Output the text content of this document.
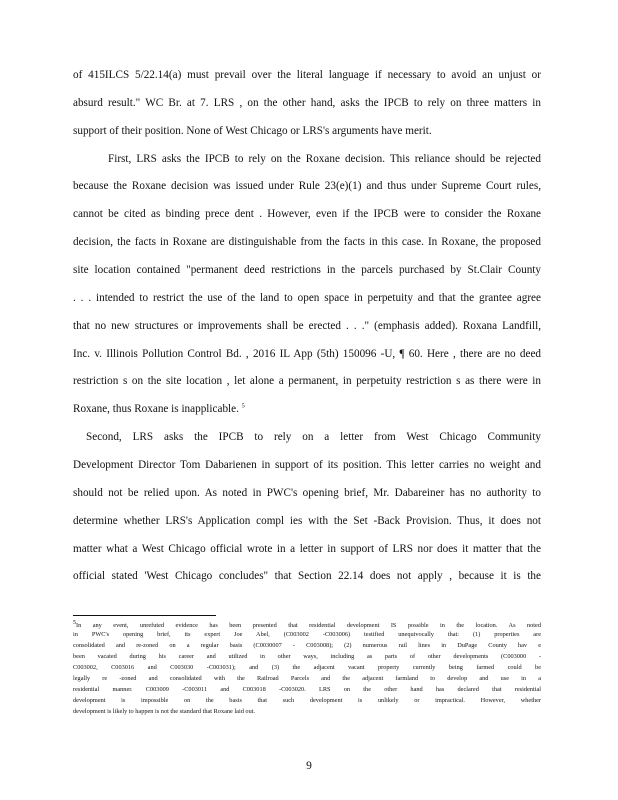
of 415ILCS 5/22.14(a) must prevail over the literal language if necessary to avoid an unjust or
absurd result." WC Br. at 7. LRS , on the other hand, asks the IPCB to rely on three matters in
support of their position. None of West Chicago or LRS's arguments have merit.
First, LRS asks the IPCB to rely on the Roxane decision. This reliance should be rejected
because the Roxane decision was issued under Rule 23(e)(1) and thus under Supreme Court rules,
cannot be cited as binding prece dent . However, even if the IPCB were to consider the Roxane
decision, the facts in Roxane are distinguishable from the facts in this case. In Roxane, the proposed
site location contained "permanent deed restrictions in the parcels purchased by St.Clair County
. . . intended to restrict the use of the land to open space in perpetuity and that the grantee agree
that no new structures or improvements shall be erected . . ." (emphasis added). Roxana Landfill,
Inc. v. Illinois Pollution Control Bd. , 2016 IL App (5th) 150096 -U, ¶ 60. Here , there are no deed
restriction s on the site location , let alone a permanent, in perpetuity restriction s as there were in
Roxane, thus Roxane is inapplicable. $^5$
Second, LRS asks the IPCB to rely on a letter from West Chicago Community
Development Director Tom Dabarienen in support of its position. This letter carries no weight and
should not be relied upon. As noted in PWC's opening brief, Mr. Dabareiner has no authority to
determine whether LRS's Application compl ies with the Set -Back Provision. Thus, it does not
matter what a West Chicago official wrote in a letter in support of LRS nor does it matter that the
official stated 'West Chicago concludes" that Section 22.14 does not apply , because it is the
$^5$In any event, unrefuted evidence has been presented that residential development IS possible in the location. As noted
in PWC's opening brief, its expert Joe Abel, (C003002 -C003006) testified unequivocally that: (1) properties are
consolidated and re-zoned on a regular basis (C0030007 - C003008); (2) numerous rail lines in DuPage County hav e
been vacated during his career and utilized in other ways, including as parts of other developments (C003000 -
C003002, C003016 and C003030 -C003031); and (3) the adjacent vacant property currently being farmed could be
legally re -zoned and consolidated with the Railroad Parcels and the adjacent farmland to develop and use in a
residential manner. C003009 -C003011 and C003018 -C003020. LRS on the other hand has declared that residential
development is impossible on the basis that such development is unlikely or impractical. However, whether
development is likely to happen is not the standard that Roxane laid out.
9
